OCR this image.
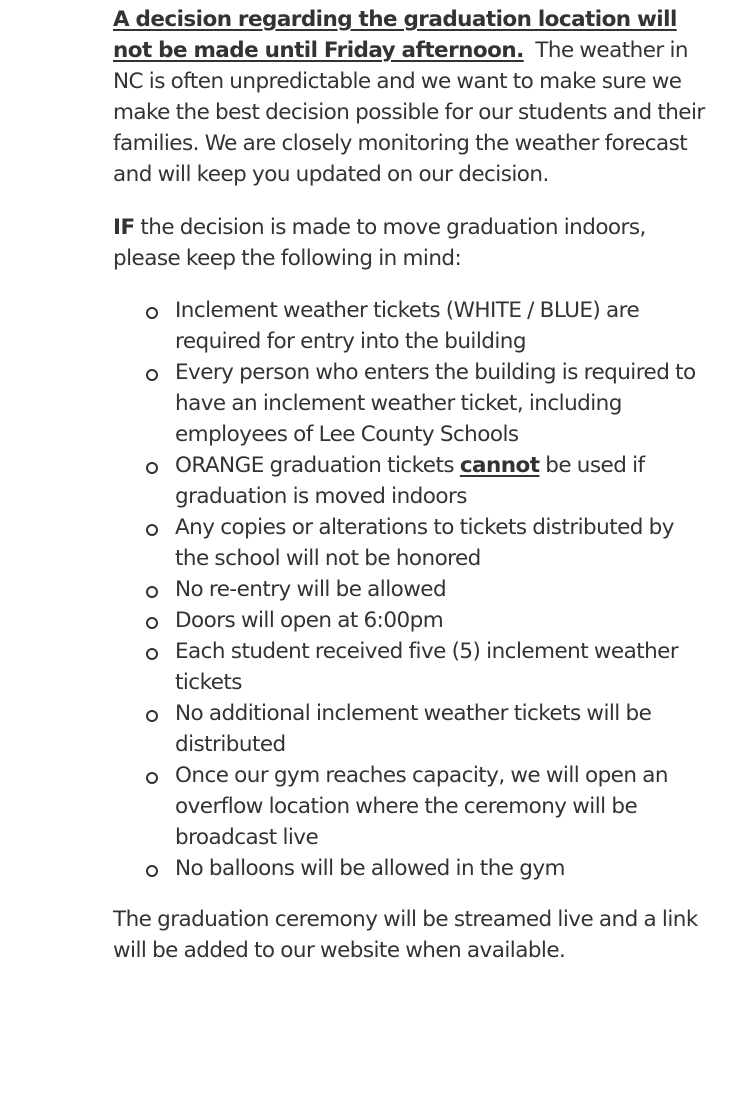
A decision regarding the graduation location will not be made until Friday afternoon. The weather in NC is often unpredictable and we want to make sure we make the best decision possible for our students and their families. We are closely monitoring the weather forecast and will keep you updated on our decision.

IF the decision is made to move graduation indoors, please keep the following in mind:

Inclement weather tickets (WHITE / BLUE) are required for entry into the building
Every person who enters the building is required to have an inclement weather ticket, including employees of Lee County Schools
ORANGE graduation tickets cannot be used if graduation is moved indoors
Any copies or alterations to tickets distributed by the school will not be honored
No re-entry will be allowed
Doors will open at 6:00pm
Each student received five (5) inclement weather tickets
No additional inclement weather tickets will be distributed
Once our gym reaches capacity, we will open an overflow location where the ceremony will be broadcast live
No balloons will be allowed in the gym

The graduation ceremony will be streamed live and a link will be added to our website when available.
